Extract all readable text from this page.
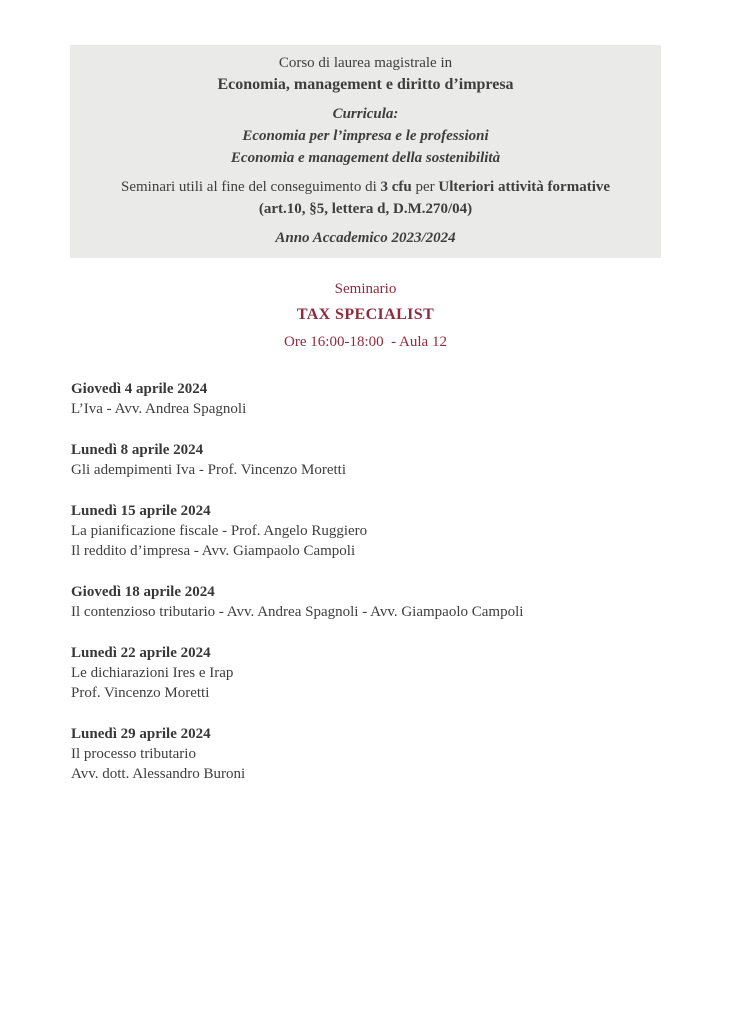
Corso di laurea magistrale in

Economia, management e diritto d’impresa

Curricula:

Economia per l’impresa e le professioni

Economia e management della sostenibilità

Seminari utili al fine del conseguimento di 3 cfu per Ulteriori attività formative

(art.10, §5, lettera d, D.M.270/04)

Anno Accademico 2023/2024

Seminario

TAX SPECIALIST

Ore 16:00-18:00  - Aula 12

Giovedì 4 aprile 2024

L’Iva - Avv. Andrea Spagnoli

Lunedì 8 aprile 2024

Gli adempimenti Iva - Prof. Vincenzo Moretti

Lunedì 15 aprile 2024

La pianificazione fiscale - Prof. Angelo Ruggiero

Il reddito d’impresa - Avv. Giampaolo Campoli

Giovedì 18 aprile 2024

Il contenzioso tributario - Avv. Andrea Spagnoli - Avv. Giampaolo Campoli

Lunedì 22 aprile 2024

Le dichiarazioni Ires e Irap

Prof. Vincenzo Moretti

Lunedì 29 aprile 2024

Il processo tributario

Avv. dott. Alessandro Buroni
